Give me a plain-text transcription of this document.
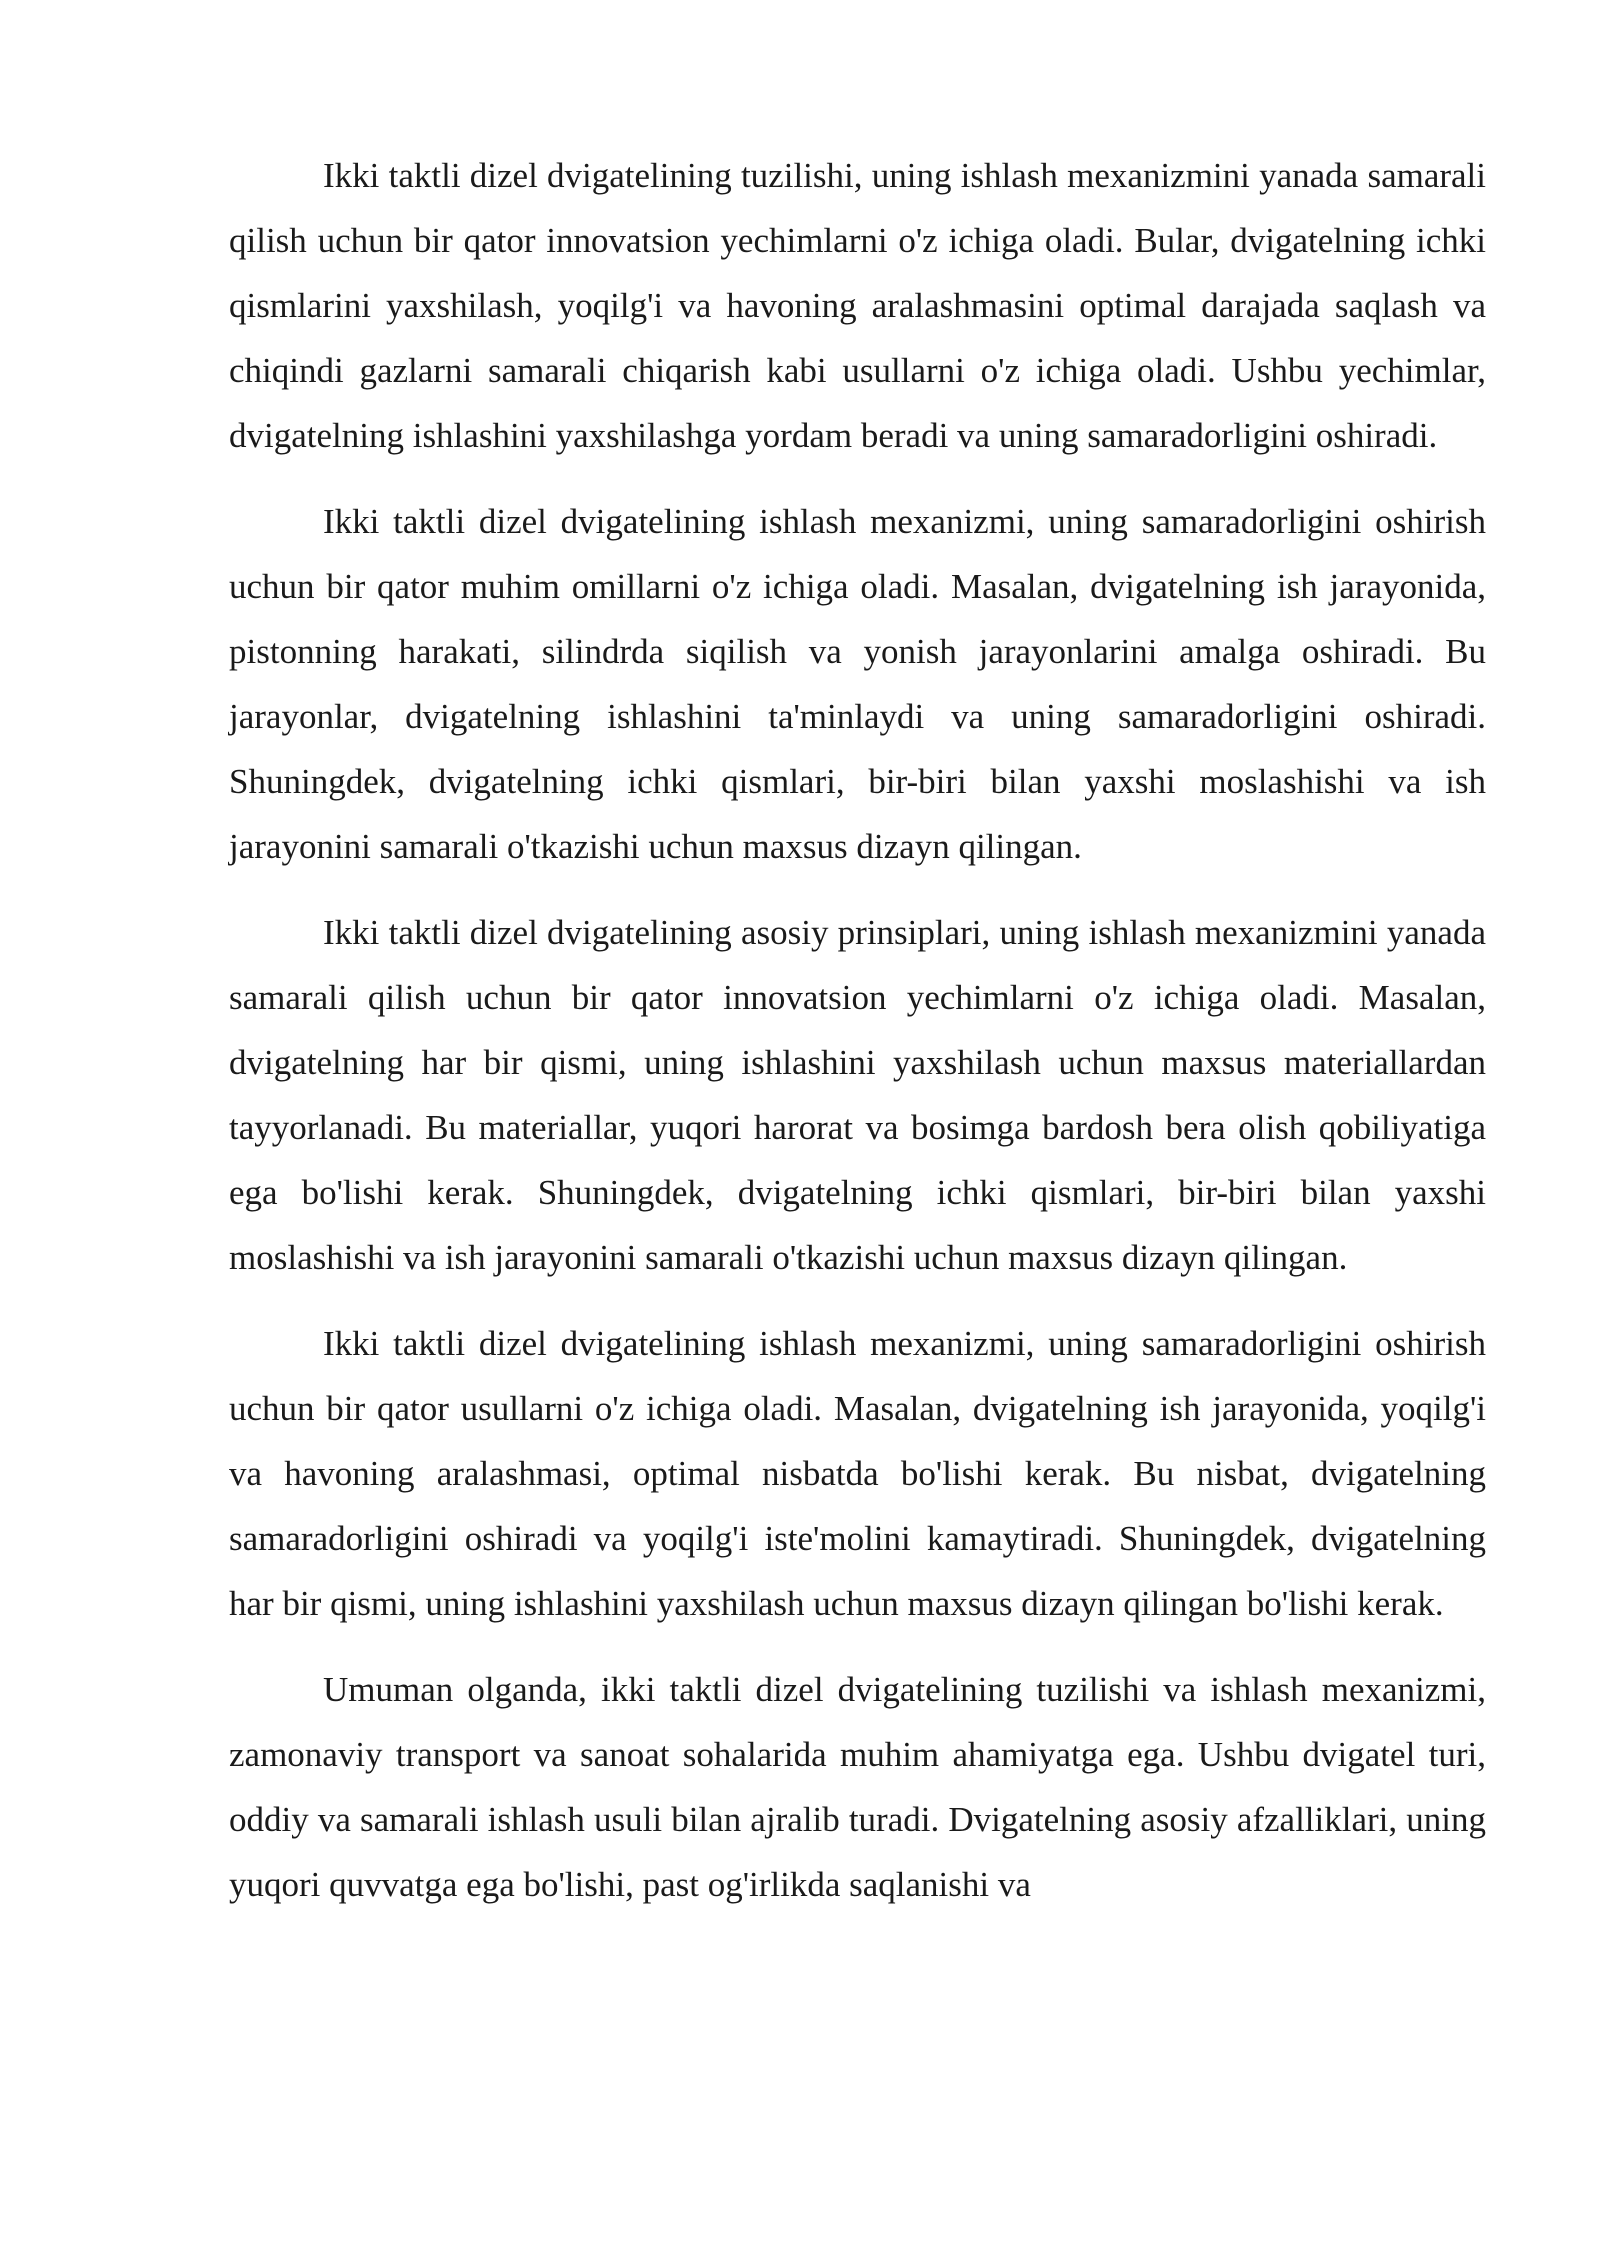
Ikki taktli dizel dvigatelining tuzilishi, uning ishlash mexanizmini yanada samarali qilish uchun bir qator innovatsion yechimlarni o'z ichiga oladi. Bular, dvigatelning ichki qismlarini yaxshilash, yoqilg'i va havoning aralashmasini optimal darajada saqlash va chiqindi gazlarni samarali chiqarish kabi usullarni o'z ichiga oladi. Ushbu yechimlar, dvigatelning ishlashini yaxshilashga yordam beradi va uning samaradorligini oshiradi.

Ikki taktli dizel dvigatelining ishlash mexanizmi, uning samaradorligini oshirish uchun bir qator muhim omillarni o'z ichiga oladi. Masalan, dvigatelning ish jarayonida, pistonning harakati, silindrda siqilish va yonish jarayonlarini amalga oshiradi. Bu jarayonlar, dvigatelning ishlashini ta'minlaydi va uning samaradorligini oshiradi. Shuningdek, dvigatelning ichki qismlari, bir-biri bilan yaxshi moslashishi va ish jarayonini samarali o'tkazishi uchun maxsus dizayn qilingan.

Ikki taktli dizel dvigatelining asosiy prinsiplari, uning ishlash mexanizmini yanada samarali qilish uchun bir qator innovatsion yechimlarni o'z ichiga oladi. Masalan, dvigatelning har bir qismi, uning ishlashini yaxshilash uchun maxsus materiallardan tayyorlanadi. Bu materiallar, yuqori harorat va bosimga bardosh bera olish qobiliyatiga ega bo'lishi kerak. Shuningdek, dvigatelning ichki qismlari, bir-biri bilan yaxshi moslashishi va ish jarayonini samarali o'tkazishi uchun maxsus dizayn qilingan.

Ikki taktli dizel dvigatelining ishlash mexanizmi, uning samaradorligini oshirish uchun bir qator usullarni o'z ichiga oladi. Masalan, dvigatelning ish jarayonida, yoqilg'i va havoning aralashmasi, optimal nisbatda bo'lishi kerak. Bu nisbat, dvigatelning samaradorligini oshiradi va yoqilg'i iste'molini kamaytiradi. Shuningdek, dvigatelning har bir qismi, uning ishlashini yaxshilash uchun maxsus dizayn qilingan bo'lishi kerak.

Umuman olganda, ikki taktli dizel dvigatelining tuzilishi va ishlash mexanizmi, zamonaviy transport va sanoat sohalarida muhim ahamiyatga ega. Ushbu dvigatel turi, oddiy va samarali ishlash usuli bilan ajralib turadi. Dvigatelning asosiy afzalliklari, uning yuqori quvvatga ega bo'lishi, past og'irlikda saqlanishi va
